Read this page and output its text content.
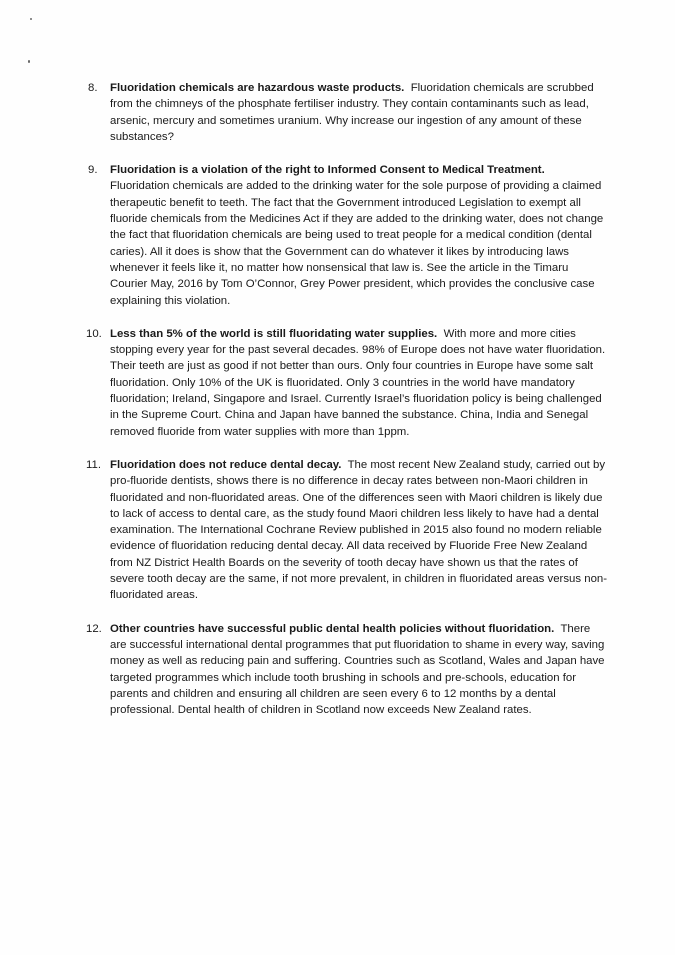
8.	Fluoridation chemicals are hazardous waste products. Fluoridation chemicals are scrubbed from the chimneys of the phosphate fertiliser industry. They contain contaminants such as lead, arsenic, mercury and sometimes uranium. Why increase our ingestion of any amount of these substances?
9.	Fluoridation is a violation of the right to Informed Consent to Medical Treatment.  Fluoridation chemicals are added to the drinking water for the sole purpose of providing a claimed therapeutic benefit to teeth. The fact that the Government introduced Legislation to exempt all fluoride chemicals from the Medicines Act if they are added to the drinking water, does not change the fact that fluoridation chemicals are being used to treat people for a medical condition (dental caries). All it does is show that the Government can do whatever it likes by introducing laws whenever it feels like it, no matter how nonsensical that law is. See the article in the Timaru Courier May, 2016 by Tom O’Connor, Grey Power president, which provides the conclusive case explaining this violation.
10. Less than 5% of the world is still fluoridating water supplies. With more and more cities stopping every year for the past several decades. 98% of Europe does not have water fluoridation. Their teeth are just as good if not better than ours. Only four countries in Europe have some salt fluoridation. Only 10% of the UK is fluoridated. Only 3 countries in the world have mandatory fluoridation; Ireland, Singapore and Israel. Currently Israel’s fluoridation policy is being challenged in the Supreme Court. China and Japan have banned the substance. China, India and Senegal removed fluoride from water supplies with more than 1ppm.
11. Fluoridation does not reduce dental decay. The most recent New Zealand study, carried out by pro-fluoride dentists, shows there is no difference in decay rates between non-Maori children in fluoridated and non-fluoridated areas. One of the differences seen with Maori children is likely due to lack of access to dental care, as the study found Maori children less likely to have had a dental examination. The International Cochrane Review published in 2015 also found no modern reliable evidence of fluoridation reducing dental decay. All data received by Fluoride Free New Zealand from NZ District Health Boards on the severity of tooth decay have shown us that the rates of severe tooth decay are the same, if not more prevalent, in children in fluoridated areas versus non-fluoridated areas.
12. Other countries have successful public dental health policies without fluoridation. There are successful international dental programmes that put fluoridation to shame in every way, saving money as well as reducing pain and suffering. Countries such as Scotland, Wales and Japan have targeted programmes which include tooth brushing in schools and pre-schools, education for parents and children and ensuring all children are seen every 6 to 12 months by a dental professional. Dental health of children in Scotland now exceeds New Zealand rates.
